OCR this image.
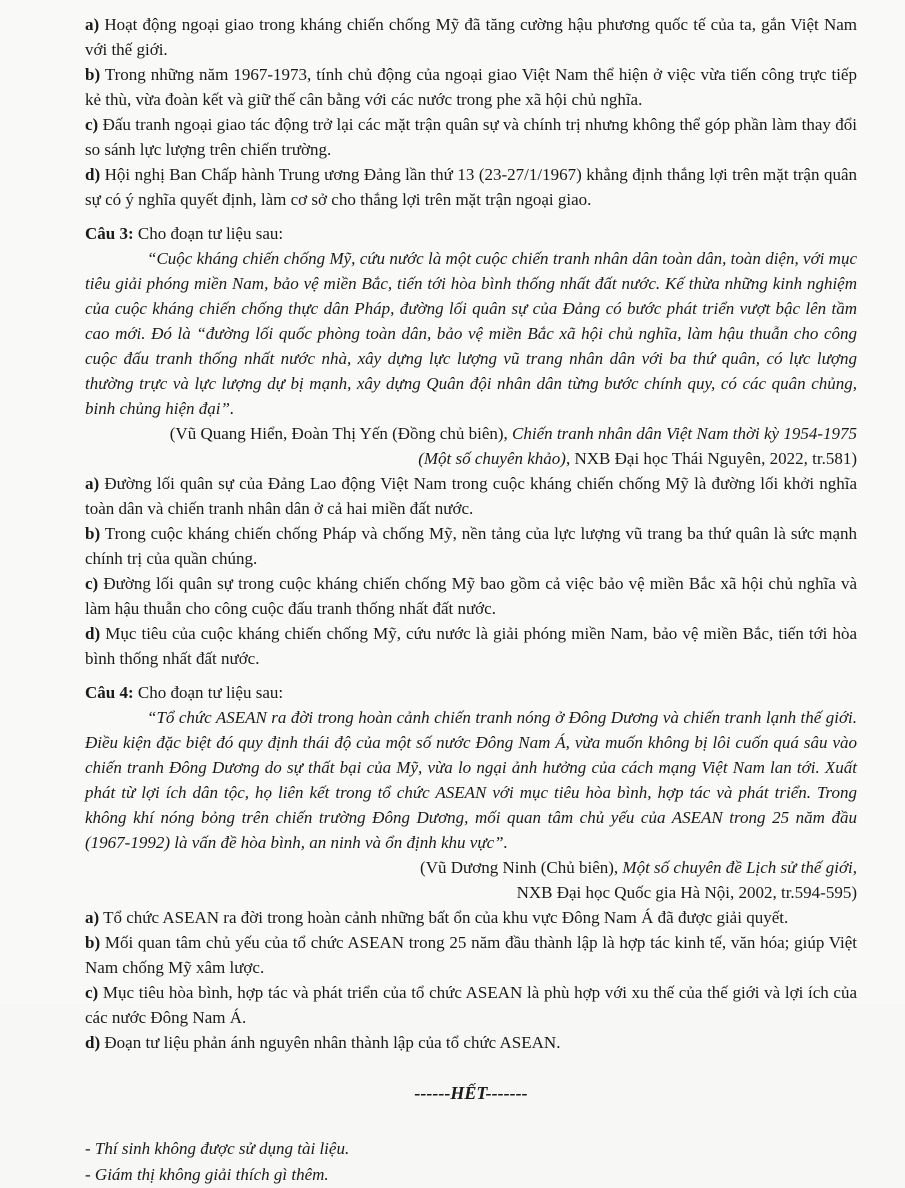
a) Hoạt động ngoại giao trong kháng chiến chống Mỹ đã tăng cường hậu phương quốc tế của ta, gắn Việt Nam với thế giới.

b) Trong những năm 1967-1973, tính chủ động của ngoại giao Việt Nam thể hiện ở việc vừa tiến công trực tiếp kẻ thù, vừa đoàn kết và giữ thế cân bằng với các nước trong phe xã hội chủ nghĩa.

c) Đấu tranh ngoại giao tác động trở lại các mặt trận quân sự và chính trị nhưng không thể góp phần làm thay đổi so sánh lực lượng trên chiến trường.

d) Hội nghị Ban Chấp hành Trung ương Đảng lần thứ 13 (23-27/1/1967) khẳng định thắng lợi trên mặt trận quân sự có ý nghĩa quyết định, làm cơ sở cho thắng lợi trên mặt trận ngoại giao.

Câu 3: Cho đoạn tư liệu sau:

“Cuộc kháng chiến chống Mỹ, cứu nước là một cuộc chiến tranh nhân dân toàn dân, toàn diện, với mục tiêu giải phóng miền Nam, bảo vệ miền Bắc, tiến tới hòa bình thống nhất đất nước. Kế thừa những kinh nghiệm của cuộc kháng chiến chống thực dân Pháp, đường lối quân sự của Đảng có bước phát triển vượt bậc lên tầm cao mới. Đó là “đường lối quốc phòng toàn dân, bảo vệ miền Bắc xã hội chủ nghĩa, làm hậu thuẫn cho công cuộc đấu tranh thống nhất nước nhà, xây dựng lực lượng vũ trang nhân dân với ba thứ quân, có lực lượng thường trực và lực lượng dự bị mạnh, xây dựng Quân đội nhân dân từng bước chính quy, có các quân chủng, binh chủng hiện đại”.

(Vũ Quang Hiển, Đoàn Thị Yến (Đồng chủ biên), Chiến tranh nhân dân Việt Nam thời kỳ 1954-1975

(Một số chuyên khảo), NXB Đại học Thái Nguyên, 2022, tr.581)

a) Đường lối quân sự của Đảng Lao động Việt Nam trong cuộc kháng chiến chống Mỹ là đường lối khởi nghĩa toàn dân và chiến tranh nhân dân ở cả hai miền đất nước.

b) Trong cuộc kháng chiến chống Pháp và chống Mỹ, nền tảng của lực lượng vũ trang ba thứ quân là sức mạnh chính trị của quần chúng.

c) Đường lối quân sự trong cuộc kháng chiến chống Mỹ bao gồm cả việc bảo vệ miền Bắc xã hội chủ nghĩa và làm hậu thuẫn cho công cuộc đấu tranh thống nhất đất nước.

d) Mục tiêu của cuộc kháng chiến chống Mỹ, cứu nước là giải phóng miền Nam, bảo vệ miền Bắc, tiến tới hòa bình thống nhất đất nước.

Câu 4: Cho đoạn tư liệu sau:

“Tổ chức ASEAN ra đời trong hoàn cảnh chiến tranh nóng ở Đông Dương và chiến tranh lạnh thế giới. Điều kiện đặc biệt đó quy định thái độ của một số nước Đông Nam Á, vừa muốn không bị lôi cuốn quá sâu vào chiến tranh Đông Dương do sự thất bại của Mỹ, vừa lo ngại ảnh hưởng của cách mạng Việt Nam lan tới. Xuất phát từ lợi ích dân tộc, họ liên kết trong tổ chức ASEAN với mục tiêu hòa bình, hợp tác và phát triển. Trong không khí nóng bỏng trên chiến trường Đông Dương, mối quan tâm chủ yếu của ASEAN trong 25 năm đầu (1967-1992) là vấn đề hòa bình, an ninh và ổn định khu vực”.

(Vũ Dương Ninh (Chủ biên), Một số chuyên đề Lịch sử thế giới,

NXB Đại học Quốc gia Hà Nội, 2002, tr.594-595)

a) Tổ chức ASEAN ra đời trong hoàn cảnh những bất ổn của khu vực Đông Nam Á đã được giải quyết.

b) Mối quan tâm chủ yếu của tổ chức ASEAN trong 25 năm đầu thành lập là hợp tác kinh tế, văn hóa; giúp Việt Nam chống Mỹ xâm lược.

c) Mục tiêu hòa bình, hợp tác và phát triển của tổ chức ASEAN là phù hợp với xu thế của thế giới và lợi ích của các nước Đông Nam Á.

d) Đoạn tư liệu phản ánh nguyên nhân thành lập của tổ chức ASEAN.

------HẾT-------

- Thí sinh không được sử dụng tài liệu.

- Giám thị không giải thích gì thêm.
